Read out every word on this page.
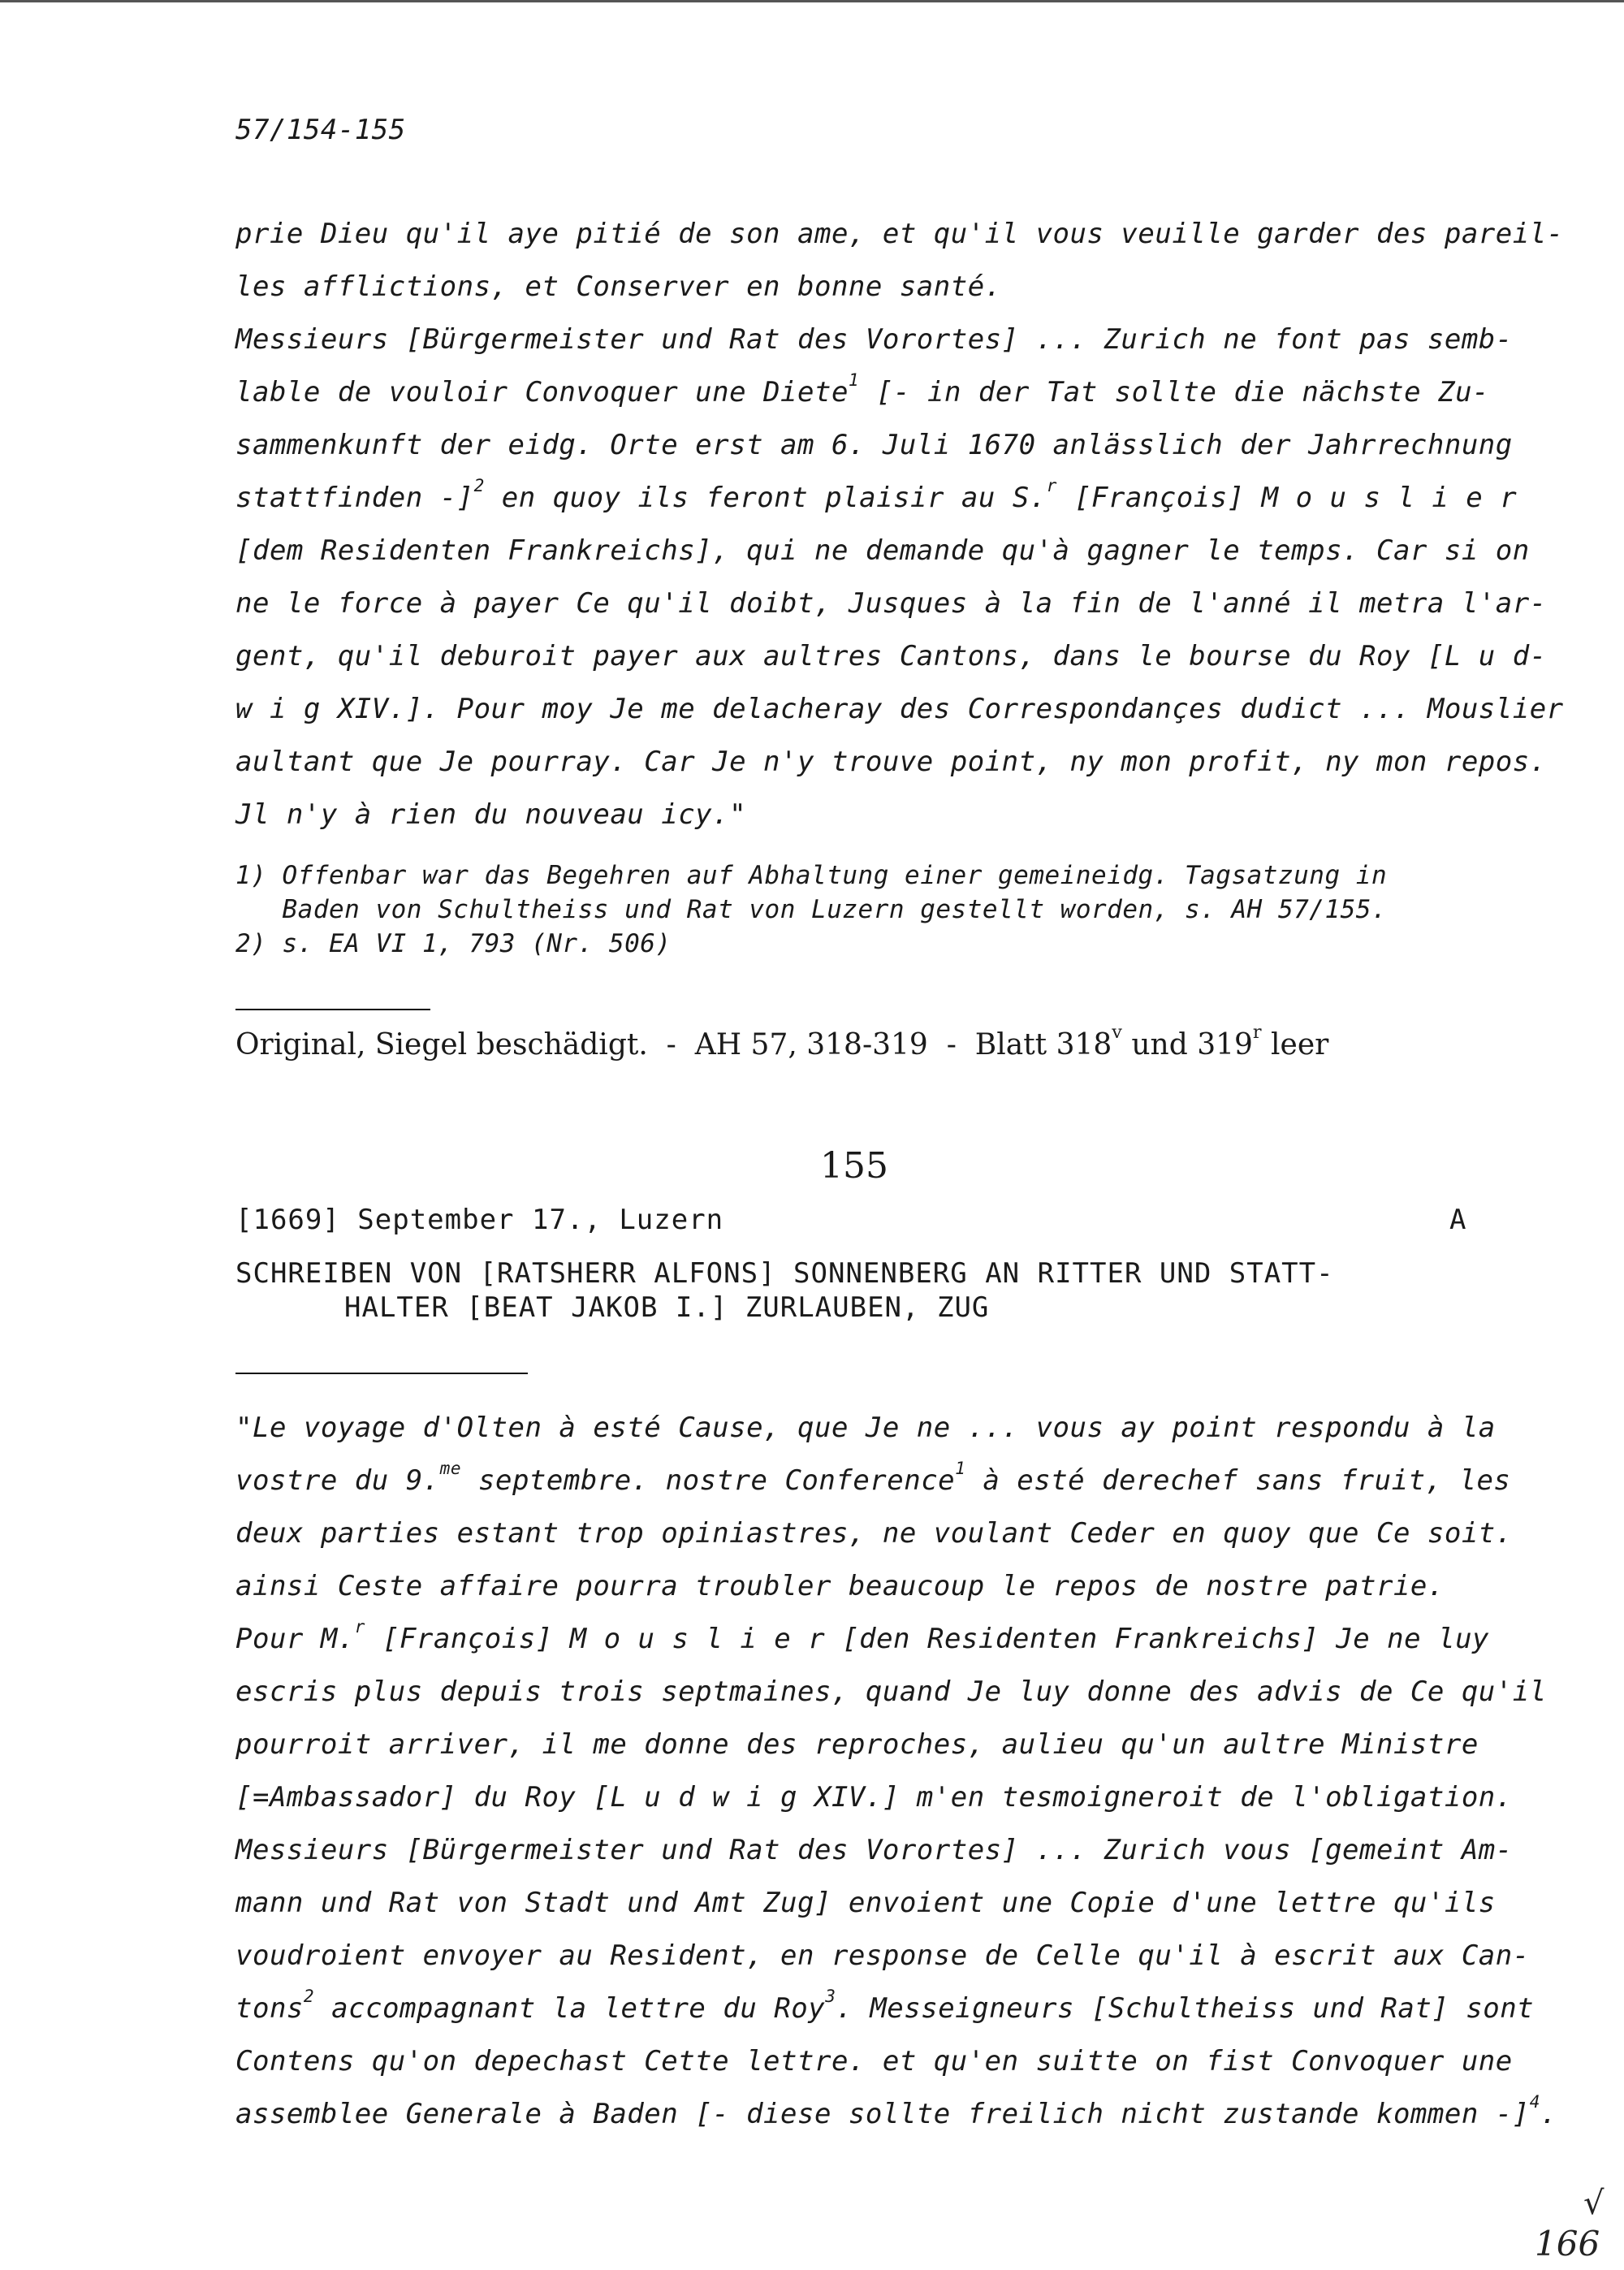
57/154-155
prie Dieu qu'il aye pitié de son ame, et qu'il vous veuille garder des pareil-
les afflictions, et Conserver en bonne santé.
Messieurs [Bürgermeister und Rat des Vorortes] ... Zurich ne font pas semb-
lable de vouloir Convoquer une Diete$^1$ [- in der Tat sollte die nächste Zu-
sammenkunft der eidg. Orte erst am 6. Juli 1670 anlässlich der Jahrrechnung
stattfinden -]$^2$ en quoy ils feront plaisir au S.$^r$ [François] M o u s l i e r
[dem Residenten Frankreichs], qui ne demande qu'à gagner le temps. Car si on
ne le force à payer Ce qu'il doibt, Jusques à la fin de l'anné il metra l'ar-
gent, qu'il deburoit payer aux aultres Cantons, dans le bourse du Roy [L u d-
w i g XIV.]. Pour moy Je me delacheray des Correspondançes dudict ... Mouslier
aultant que Je pourray. Car Je n'y trouve point, ny mon profit, ny mon repos.
Jl n'y à rien du nouveau icy."
1) Offenbar war das Begehren auf Abhaltung einer gemeineidg. Tagsatzung in
Baden von Schultheiss und Rat von Luzern gestellt worden, s. AH 57/155.
2) s. EA VI 1, 793 (Nr. 506)
Original, Siegel beschädigt.  -  AH 57, 318-319  -  Blatt 318$^v$ und 319$^r$ leer
155
[1669] September 17., Luzern	A
SCHREIBEN VON [RATSHERR ALFONS] SONNENBERG AN RITTER UND STATT-
HALTER [BEAT JAKOB I.] ZURLAUBEN, ZUG
"Le voyage d'Olten à esté Cause, que Je ne ... vous ay point respondu à la
vostre du 9.$^{me}$ septembre. nostre Conference$^1$ à esté derechef sans fruit, les
deux parties estant trop opiniastres, ne voulant Ceder en quoy que Ce soit.
ainsi Ceste affaire pourra troubler beaucoup le repos de nostre patrie.
Pour M.$^r$ [François] M o u s l i e r [den Residenten Frankreichs] Je ne luy
escris plus depuis trois septmaines, quand Je luy donne des advis de Ce qu'il
pourroit arriver, il me donne des reproches, aulieu qu'un aultre Ministre
[=Ambassador] du Roy [L u d w i g XIV.] m'en tesmoigneroit de l'obligation.
Messieurs [Bürgermeister und Rat des Vorortes] ... Zurich vous [gemeint Am-
mann und Rat von Stadt und Amt Zug] envoient une Copie d'une lettre qu'ils
voudroient envoyer au Resident, en response de Celle qu'il à escrit aux Can-
tons$^2$ accompagnant la lettre du Roy$^3$. Messeigneurs [Schultheiss und Rat] sont
Contens qu'on depechast Cette lettre. et qu'en suitte on fist Convoquer une
assemblee Generale à Baden [- diese sollte freilich nicht zustande kommen -]$^4$.
√
166
